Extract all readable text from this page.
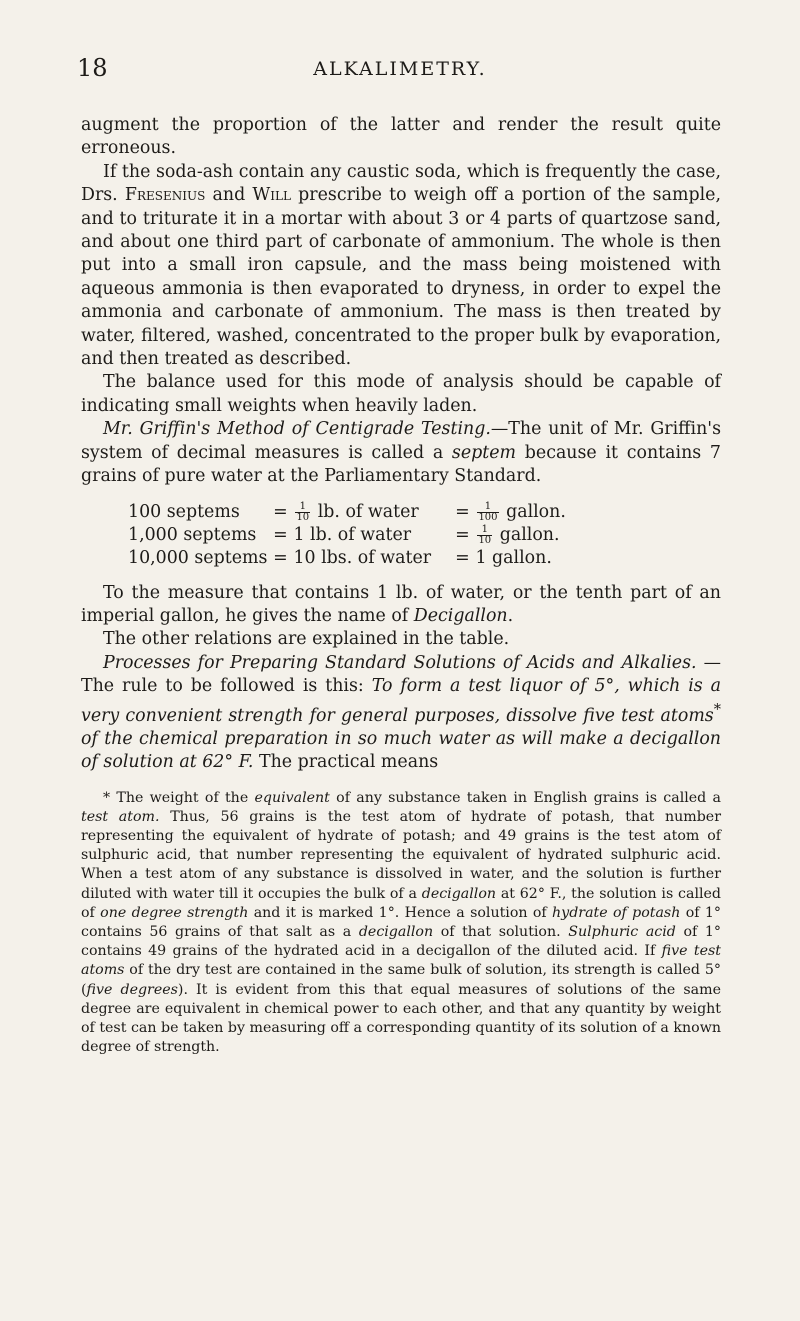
18	ALKALIMETRY.

augment the proportion of the latter and render the result quite erroneous.

If the soda-ash contain any caustic soda, which is frequently the case, Drs. Fresenius and Will prescribe to weigh off a portion of the sample, and to triturate it in a mortar with about 3 or 4 parts of quartzose sand, and about one third part of carbonate of ammonium. The whole is then put into a small iron capsule, and the mass being moistened with aqueous ammonia is then evaporated to dryness, in order to expel the ammonia and carbonate of ammonium. The mass is then treated by water, filtered, washed, concentrated to the proper bulk by evaporation, and then treated as described.

The balance used for this mode of analysis should be capable of indicating small weights when heavily laden.

Mr. Griffin's Method of Centigrade Testing.—The unit of Mr. Griffin's system of decimal measures is called a septem because it contains 7 grains of pure water at the Parliamentary Standard.

100 septems	=	$\frac{1}{10}$ lb. of water	=	$\frac{1}{100}$ gallon.
1,000 septems	=	1 lb. of water	=	$\frac{1}{10}$ gallon.
10,000 septems	=	10 lbs. of water	=	1 gallon.

To the measure that contains 1 lb. of water, or the tenth part of an imperial gallon, he gives the name of Decigallon.

The other relations are explained in the table.

Processes for Preparing Standard Solutions of Acids and Alkalies. —The rule to be followed is this: To form a test liquor of 5°, which is a very convenient strength for general purposes, dissolve five test atoms* of the chemical preparation in so much water as will make a decigallon of solution at 62° F. The practical means

* The weight of the equivalent of any substance taken in English grains is called a test atom. Thus, 56 grains is the test atom of hydrate of potash, that number representing the equivalent of hydrate of potash; and 49 grains is the test atom of sulphuric acid, that number representing the equivalent of hydrated sulphuric acid. When a test atom of any substance is dissolved in water, and the solution is further diluted with water till it occupies the bulk of a decigallon at 62° F., the solution is called of one degree strength and it is marked 1°. Hence a solution of hydrate of potash of 1° contains 56 grains of that salt as a decigallon of that solution. Sulphuric acid of 1° contains 49 grains of the hydrated acid in a decigallon of the diluted acid. If five test atoms of the dry test are contained in the same bulk of solution, its strength is called 5° (five degrees). It is evident from this that equal measures of solutions of the same degree are equivalent in chemical power to each other, and that any quantity by weight of test can be taken by measuring off a corresponding quantity of its solution of a known degree of strength.
